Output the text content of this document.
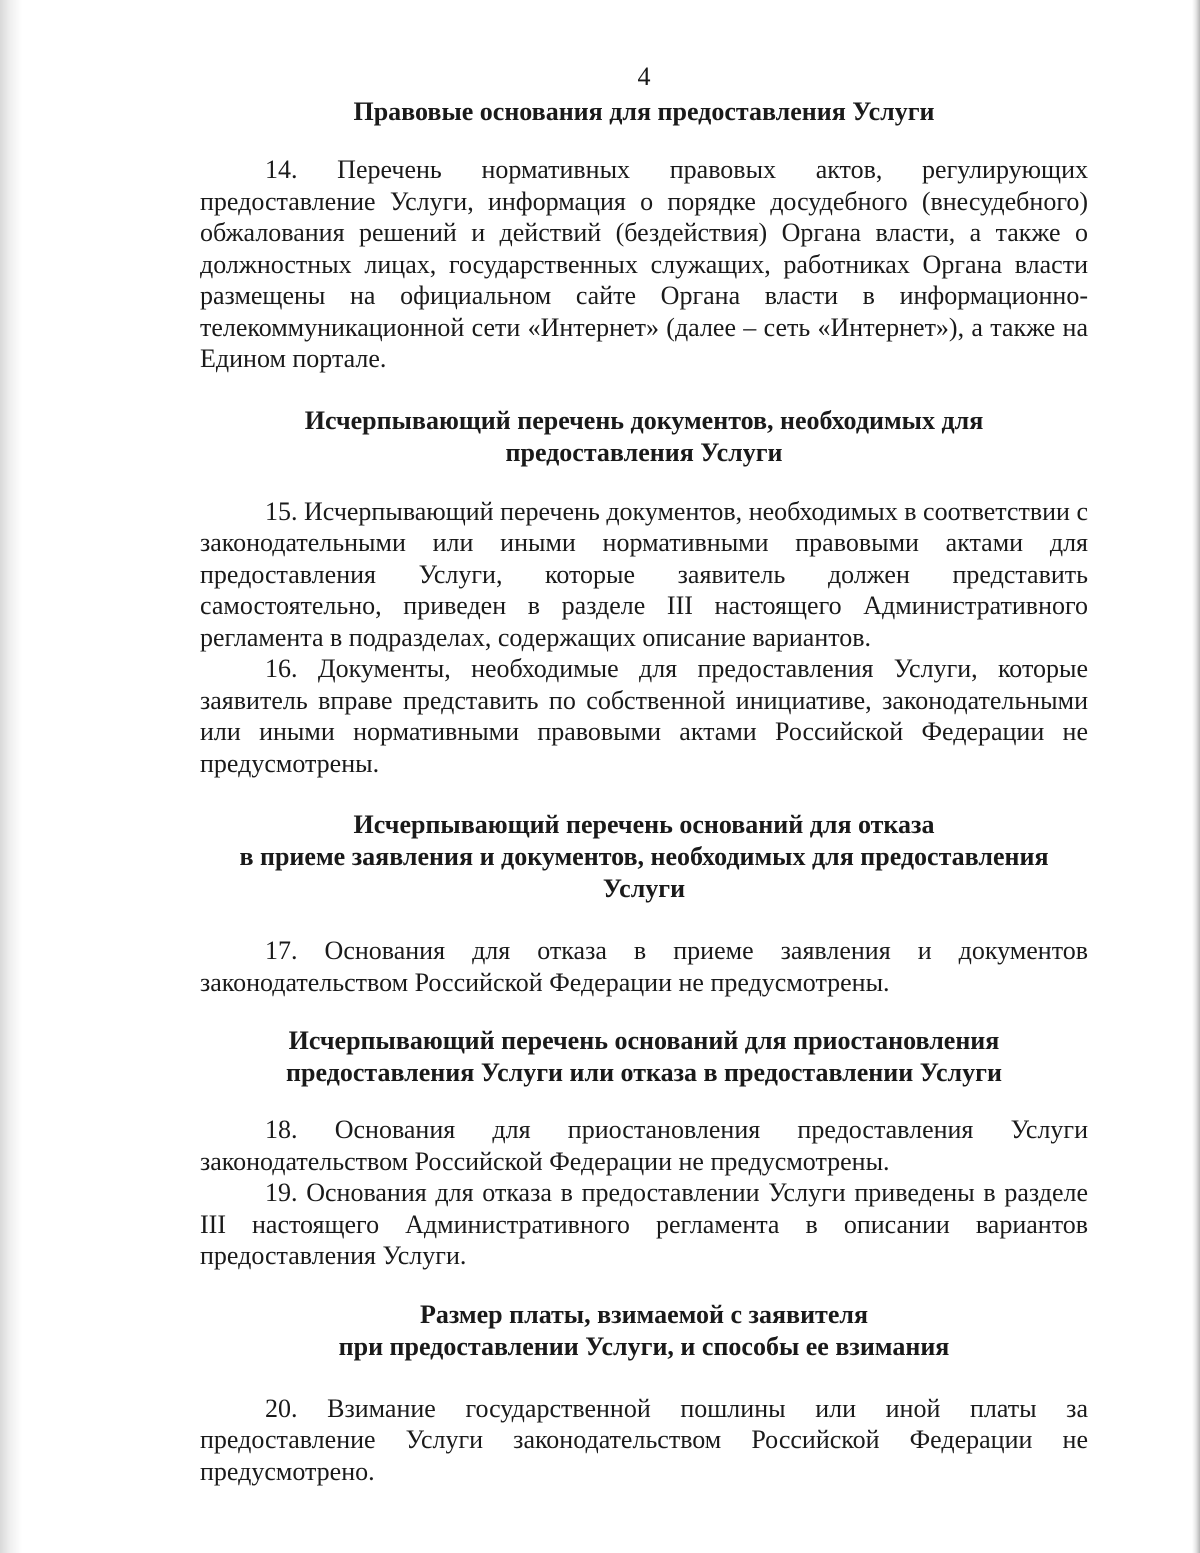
4
Правовые основания для предоставления Услуги

14. Перечень нормативных правовых актов, регулирующих предоставление Услуги, информация о порядке досудебного (внесудебного) обжалования решений и действий (бездействия) Органа власти, а также о должностных лицах, государственных служащих, работниках Органа власти размещены на официальном сайте Органа власти в информационно-телекоммуникационной сети «Интернет» (далее – сеть «Интернет»), а также на Едином портале.

Исчерпывающий перечень документов, необходимых для
предоставления Услуги

15. Исчерпывающий перечень документов, необходимых в соответствии с законодательными или иными нормативными правовыми актами для предоставления Услуги, которые заявитель должен представить самостоятельно, приведен в разделе III настоящего Административного регламента в подразделах, содержащих описание вариантов.

16. Документы, необходимые для предоставления Услуги, которые заявитель вправе представить по собственной инициативе, законодательными или иными нормативными правовыми актами Российской Федерации не предусмотрены.

Исчерпывающий перечень оснований для отказа
в приеме заявления и документов, необходимых для предоставления
Услуги

17. Основания для отказа в приеме заявления и документов законодательством Российской Федерации не предусмотрены.

Исчерпывающий перечень оснований для приостановления
предоставления Услуги или отказа в предоставлении Услуги

18. Основания для приостановления предоставления Услуги законодательством Российской Федерации не предусмотрены.

19. Основания для отказа в предоставлении Услуги приведены в разделе III настоящего Административного регламента в описании вариантов предоставления Услуги.

Размер платы, взимаемой с заявителя
при предоставлении Услуги, и способы ее взимания

20. Взимание государственной пошлины или иной платы за предоставление Услуги законодательством Российской Федерации не предусмотрено.
